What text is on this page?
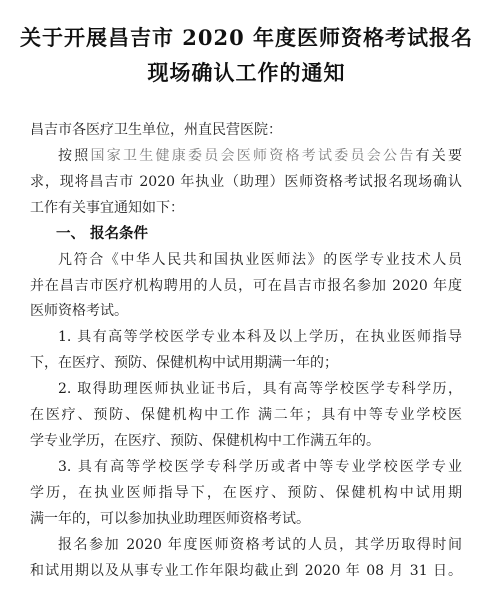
关于开展昌吉市 2020 年度医师资格考试报名
现场确认工作的通知
昌吉市各医疗卫生单位，州直民营医院：
按照国家卫生健康委员会医师资格考试委员会公告有关要
求，现将昌吉市 2020 年执业（助理）医师资格考试报名现场确认
工作有关事宜通知如下：
一、 报名条件
凡符合《中华人民共和国执业医师法》的医学专业技术人员
并在昌吉市医疗机构聘用的人员，可在昌吉市报名参加 2020 年度
医师资格考试。
1. 具有高等学校医学专业本科及以上学历，在执业医师指导
下，在医疗、预防、保健机构中试用期满一年的；
2. 取得助理医师执业证书后，具有高等学校医学专科学历，
在医疗、预防、保健机构中工作 满二年；具有中等专业学校医
学专业学历，在医疗、预防、保健机构中工作满五年的。
3. 具有高等学校医学专科学历或者中等专业学校医学专业
学历，在执业医师指导下，在医疗、预防、保健机构中试用期
满一年的，可以参加执业助理医师资格考试。
报名参加 2020 年度医师资格考试的人员，其学历取得时间
和试用期以及从事专业工作年限均截止到 2020 年 08 月 31 日。
